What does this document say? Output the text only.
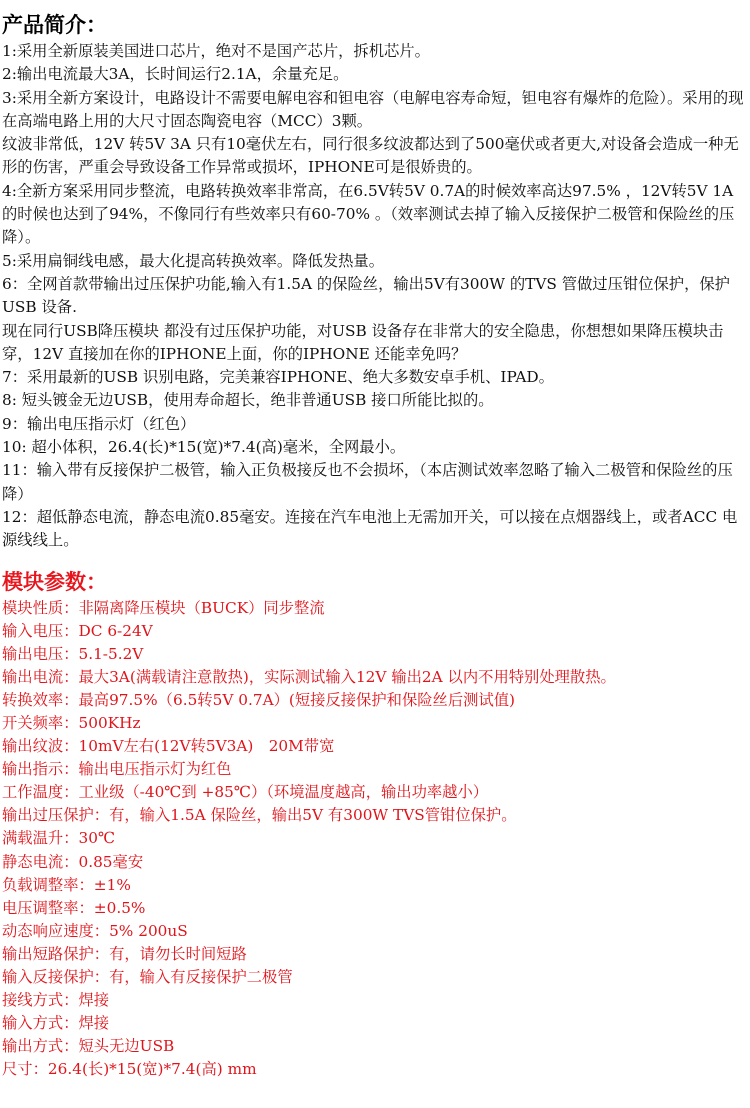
产品简介：

1:采用全新原装美国进口芯片，绝对不是国产芯片，拆机芯片。

2:输出电流最大3A，长时间运行2.1A，余量充足。

3:采用全新方案设计，电路设计不需要电解电容和钽电容（电解电容寿命短，钽电容有爆炸的危险）。采用的现在高端电路上用的大尺寸固态陶瓷电容（MCC）3颗。

纹波非常低，12V 转5V 3A 只有10毫伏左右，同行很多纹波都达到了500毫伏或者更大,对设备会造成一种无形的伤害，严重会导致设备工作异常或损坏，IPHONE可是很娇贵的。

4:全新方案采用同步整流，电路转换效率非常高，在6.5V转5V 0.7A的时候效率高达97.5% ，12V转5V 1A 的时候也达到了94%，不像同行有些效率只有60-70% 。（效率测试去掉了输入反接保护二极管和保险丝的压降）。

5:采用扁铜线电感，最大化提高转换效率。降低发热量。

6：全网首款带输出过压保护功能,输入有1.5A 的保险丝，输出5V有300W 的TVS 管做过压钳位保护，保护USB 设备.

现在同行USB降压模块 都没有过压保护功能，对USB 设备存在非常大的安全隐患，你想想如果降压模块击穿，12V 直接加在你的IPHONE上面，你的IPHONE 还能幸免吗？

7：采用最新的USB 识别电路，完美兼容IPHONE、绝大多数安卓手机、IPAD。

8: 短头镀金无边USB，使用寿命超长，绝非普通USB 接口所能比拟的。

9：输出电压指示灯（红色）

10: 超小体积，26.4(长)*15(宽)*7.4(高)毫米，全网最小。

11：输入带有反接保护二极管，输入正负极接反也不会损坏，（本店测试效率忽略了输入二极管和保险丝的压降）

12：超低静态电流，静态电流0.85毫安。连接在汽车电池上无需加开关，可以接在点烟器线上，或者ACC 电源线线上。

模块参数：
模块性质：非隔离降压模块（BUCK）同步整流
输入电压：DC 6-24V
输出电压：5.1-5.2V
输出电流：最大3A(满载请注意散热)，实际测试输入12V 输出2A 以内不用特别处理散热。
转换效率：最高97.5%（6.5转5V 0.7A）(短接反接保护和保险丝后测试值)
开关频率：500KHz
输出纹波：10mV左右(12V转5V3A)　20M带宽
输出指示：输出电压指示灯为红色
工作温度：工业级（-40℃到 +85℃）（环境温度越高，输出功率越小）
输出过压保护：有，输入1.5A 保险丝，输出5V 有300W TVS管钳位保护。
满载温升：30℃
静态电流：0.85毫安
负载调整率：±1%
电压调整率：±0.5%
动态响应速度：5% 200uS
输出短路保护：有，请勿长时间短路
输入反接保护：有，输入有反接保护二极管
接线方式：焊接
输入方式：焊接
输出方式：短头无边USB
尺寸：26.4(长)*15(宽)*7.4(高) mm
